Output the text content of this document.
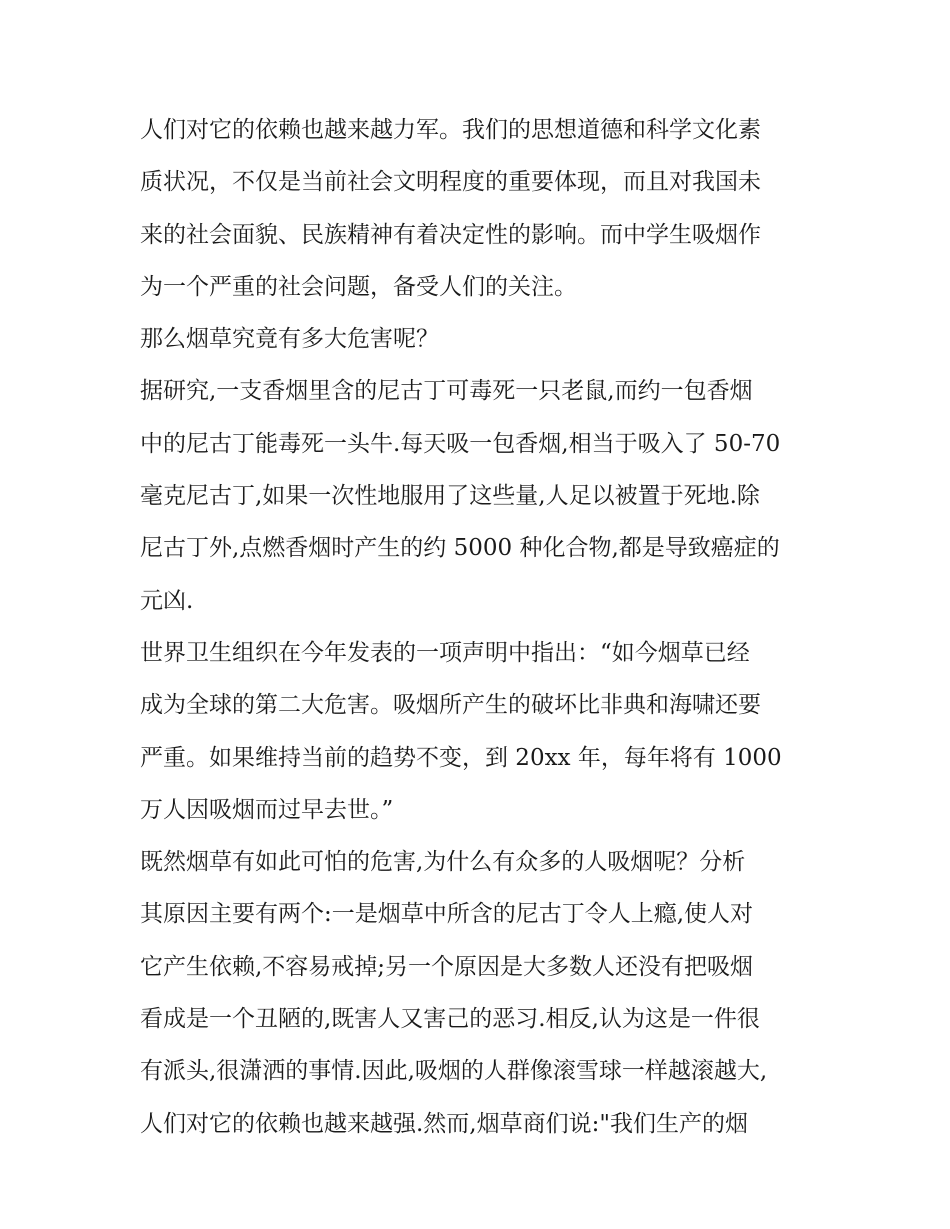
人们对它的依赖也越来越力军。我们的思想道德和科学文化素
质状况，不仅是当前社会文明程度的重要体现，而且对我国未
来的社会面貌、民族精神有着决定性的影响。而中学生吸烟作
为一个严重的社会问题，备受人们的关注。
那么烟草究竟有多大危害呢？
据研究,一支香烟里含的尼古丁可毒死一只老鼠,而约一包香烟
中的尼古丁能毒死一头牛.每天吸一包香烟,相当于吸入了 50-70
毫克尼古丁,如果一次性地服用了这些量,人足以被置于死地.除
尼古丁外,点燃香烟时产生的约 5000 种化合物,都是导致癌症的
元凶.
世界卫生组织在今年发表的一项声明中指出：“如今烟草已经
成为全球的第二大危害。吸烟所产生的破坏比非典和海啸还要
严重。如果维持当前的趋势不变，到 20xx 年，每年将有 1000
万人因吸烟而过早去世。”
既然烟草有如此可怕的危害,为什么有众多的人吸烟呢？分析
其原因主要有两个:一是烟草中所含的尼古丁令人上瘾,使人对
它产生依赖,不容易戒掉;另一个原因是大多数人还没有把吸烟
看成是一个丑陋的,既害人又害己的恶习.相反,认为这是一件很
有派头,很潇洒的事情.因此,吸烟的人群像滚雪球一样越滚越大,
人们对它的依赖也越来越强.然而,烟草商们说:"我们生产的烟
